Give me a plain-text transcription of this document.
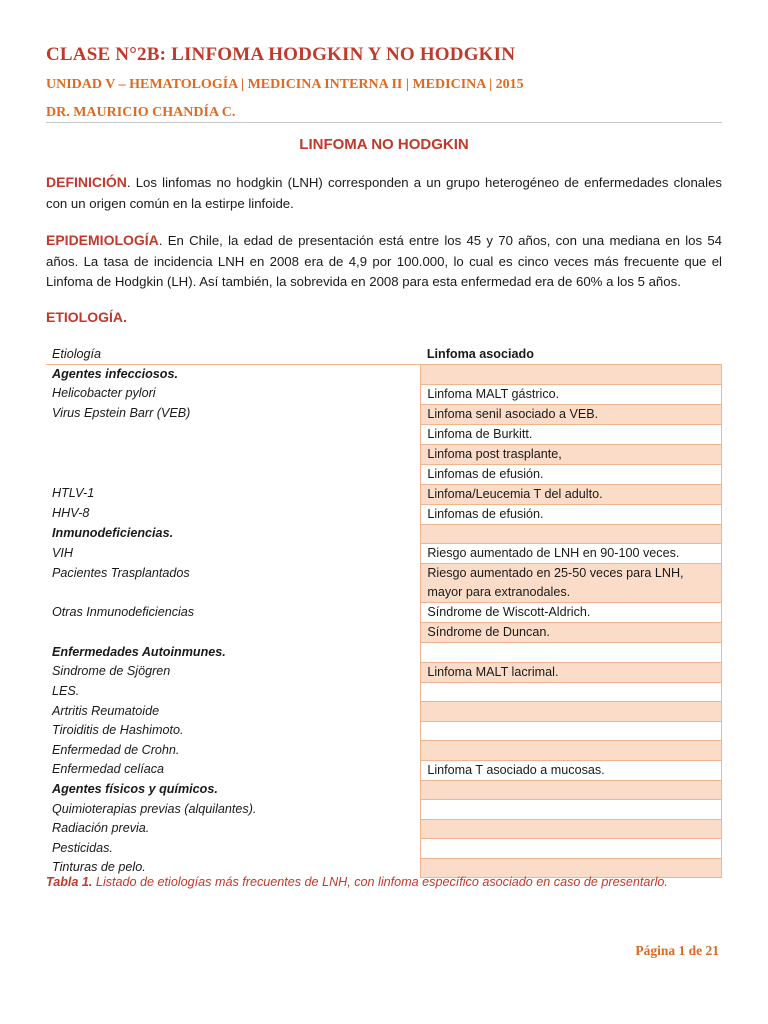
CLASE N°2B: LINFOMA HODGKIN Y NO HODGKIN
UNIDAD V – HEMATOLOGÍA | MEDICINA INTERNA II | MEDICINA | 2015
DR. MAURICIO CHANDÍA C.
LINFOMA NO HODGKIN
DEFINICIÓN. Los linfomas no hodgkin (LNH) corresponden a un grupo heterogéneo de enfermedades clonales con un origen común en la estirpe linfoide.
EPIDEMIOLOGÍA. En Chile, la edad de presentación está entre los 45 y 70 años, con una mediana en los 54 años. La tasa de incidencia LNH en 2008 era de 4,9 por 100.000, lo cual es cinco veces más frecuente que el Linfoma de Hodgkin (LH). Así también, la sobrevida en 2008 para esta enfermedad era de 60% a los 5 años.
ETIOLOGÍA.
Etiología	Linfoma asociado
Agentes infecciosos.	
Helicobacter pylori	Linfoma MALT gástrico.
Virus Epstein Barr (VEB)	Linfoma senil asociado a VEB.
	Linfoma de Burkitt.
	Linfoma post trasplante,
	Linfomas de efusión.
HTLV-1	Linfoma/Leucemia T del adulto.
HHV-8	Linfomas de efusión.
Inmunodeficiencias.	
VIH	Riesgo aumentado de LNH en 90-100 veces.
Pacientes Trasplantados	Riesgo aumentado en 25-50 veces para LNH, mayor para extranodales.
Otras Inmunodeficiencias	Síndrome de Wiscott-Aldrich.
	Síndrome de Duncan.
Enfermedades Autoinmunes.	
Sindrome de Sjögren	Linfoma MALT lacrimal.
LES.	
Artritis Reumatoide	
Tiroiditis de Hashimoto.	
Enfermedad de Crohn.	
Enfermedad celíaca	Linfoma T asociado a mucosas.
Agentes físicos y químicos.	
Quimioterapias previas (alquilantes).	
Radiación previa.	
Pesticidas.	
Tinturas de pelo.	
Tabla 1. Listado de etiologías más frecuentes de LNH, con linfoma específico asociado en caso de presentarlo.
Página 1 de 21
